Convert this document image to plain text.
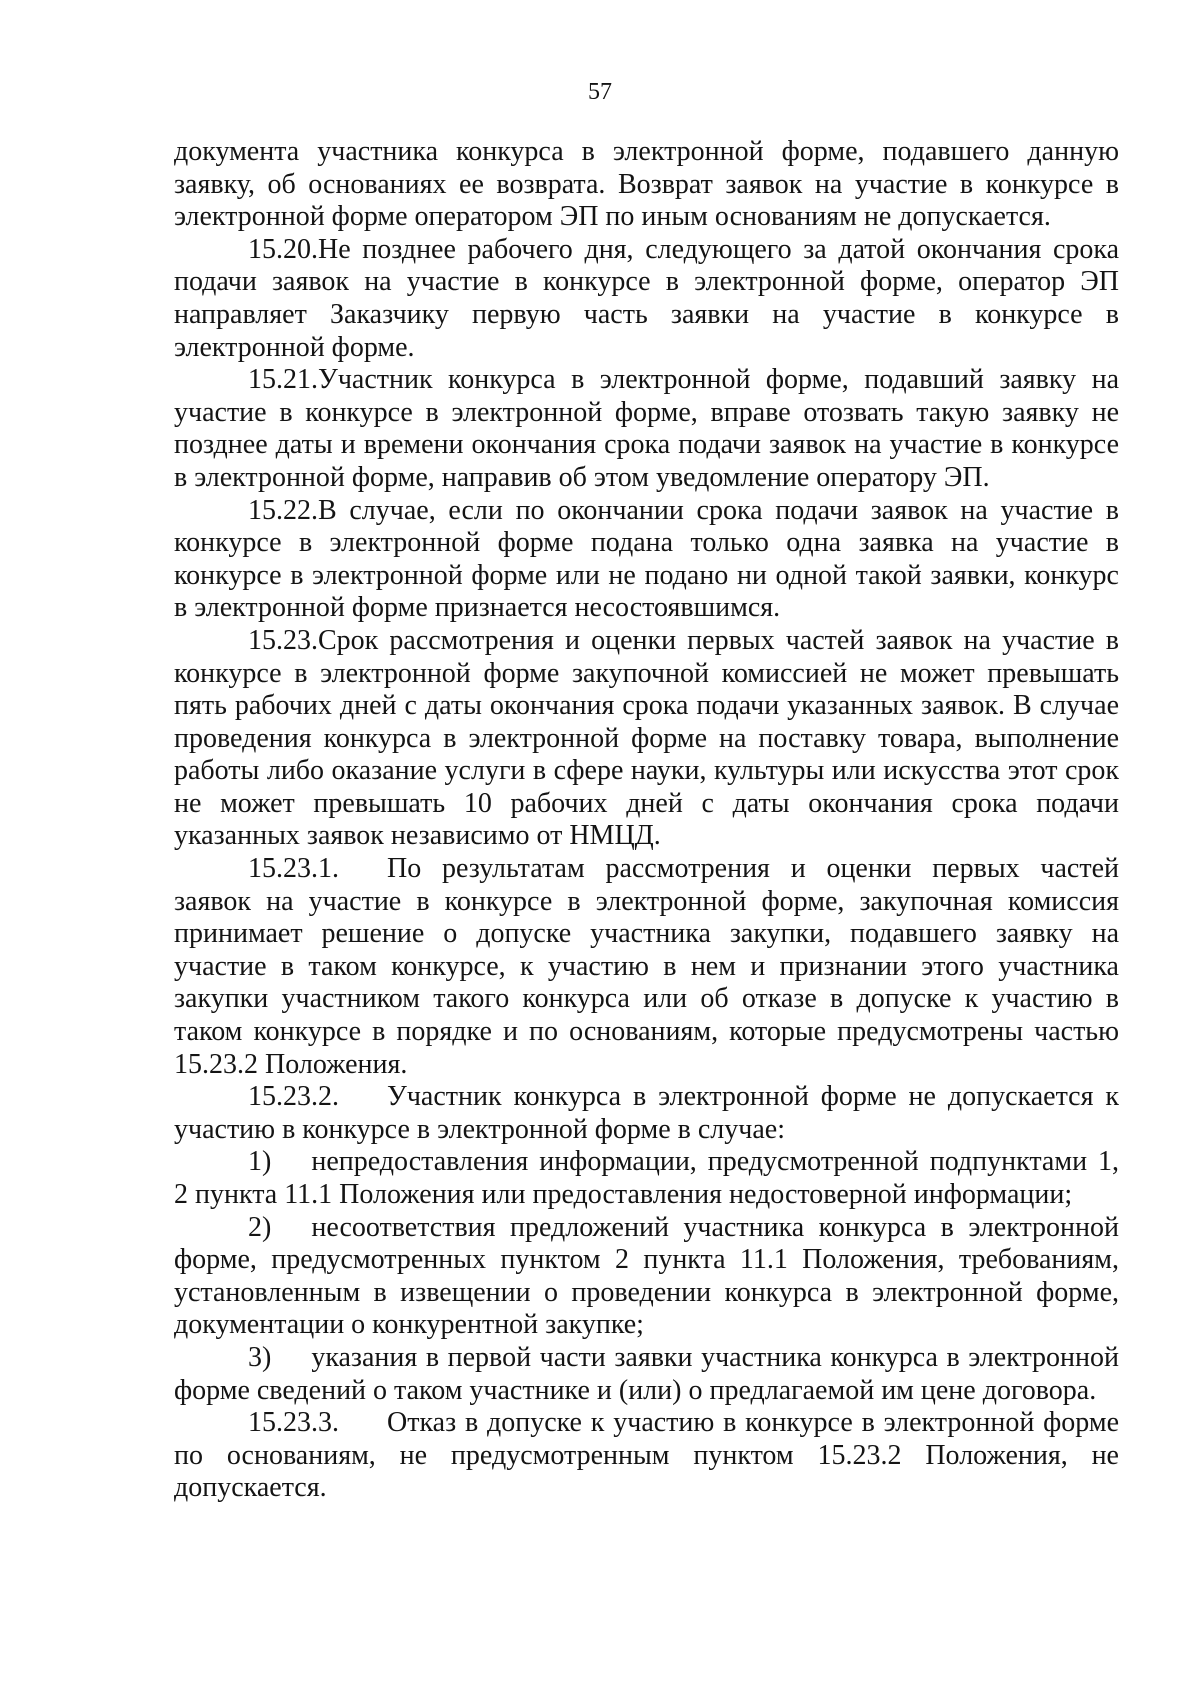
57

документа участника конкурса в электронной форме, подавшего данную заявку, об основаниях ее возврата. Возврат заявок на участие в конкурсе в электронной форме оператором ЭП по иным основаниям не допускается.

15.20.Не позднее рабочего дня, следующего за датой окончания срока подачи заявок на участие в конкурсе в электронной форме, оператор ЭП направляет Заказчику первую часть заявки на участие в конкурсе в электронной форме.

15.21.Участник конкурса в электронной форме, подавший заявку на участие в конкурсе в электронной форме, вправе отозвать такую заявку не позднее даты и времени окончания срока подачи заявок на участие в конкурсе в электронной форме, направив об этом уведомление оператору ЭП.

15.22.В случае, если по окончании срока подачи заявок на участие в конкурсе в электронной форме подана только одна заявка на участие в конкурсе в электронной форме или не подано ни одной такой заявки, конкурс в электронной форме признается несостоявшимся.

15.23.Срок рассмотрения и оценки первых частей заявок на участие в конкурсе в электронной форме закупочной комиссией не может превышать пять рабочих дней с даты окончания срока подачи указанных заявок. В случае проведения конкурса в электронной форме на поставку товара, выполнение работы либо оказание услуги в сфере науки, культуры или искусства этот срок не может превышать 10 рабочих дней с даты окончания срока подачи указанных заявок независимо от НМЦД.

15.23.1. По результатам рассмотрения и оценки первых частей заявок на участие в конкурсе в электронной форме, закупочная комиссия принимает решение о допуске участника закупки, подавшего заявку на участие в таком конкурсе, к участию в нем и признании этого участника закупки участником такого конкурса или об отказе в допуске к участию в таком конкурсе в порядке и по основаниям, которые предусмотрены частью 15.23.2 Положения.

15.23.2. Участник конкурса в электронной форме не допускается к участию в конкурсе в электронной форме в случае:

1) непредоставления информации, предусмотренной подпунктами 1, 2 пункта 11.1 Положения или предоставления недостоверной информации;

2) несоответствия предложений участника конкурса в электронной форме, предусмотренных пунктом 2 пункта 11.1 Положения, требованиям, установленным в извещении о проведении конкурса в электронной форме, документации о конкурентной закупке;

3) указания в первой части заявки участника конкурса в электронной форме сведений о таком участнике и (или) о предлагаемой им цене договора.

15.23.3. Отказ в допуске к участию в конкурсе в электронной форме по основаниям, не предусмотренным пунктом 15.23.2 Положения, не допускается.
